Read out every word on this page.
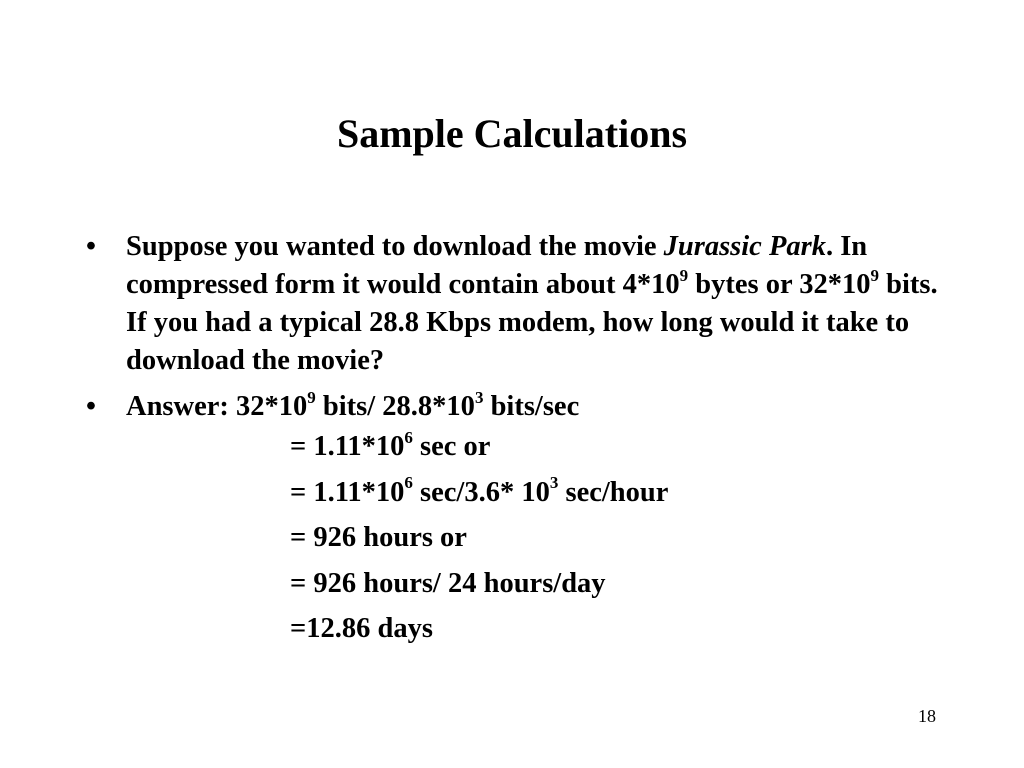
Sample Calculations
• Suppose you wanted to download the movie Jurassic Park. In compressed form it would contain about $4*10^9$ bytes or $32*10^9$ bits. If you had a typical 28.8 Kbps modem, how long would it take to download the movie?
• Answer: $32*10^9$ bits/ $28.8*10^3$ bits/sec
= $1.11*10^6$ sec or
= $1.11*10^6$ sec/3.6* $10^3$ sec/hour
= 926 hours or
= 926 hours/ 24 hours/day
=12.86 days
18
